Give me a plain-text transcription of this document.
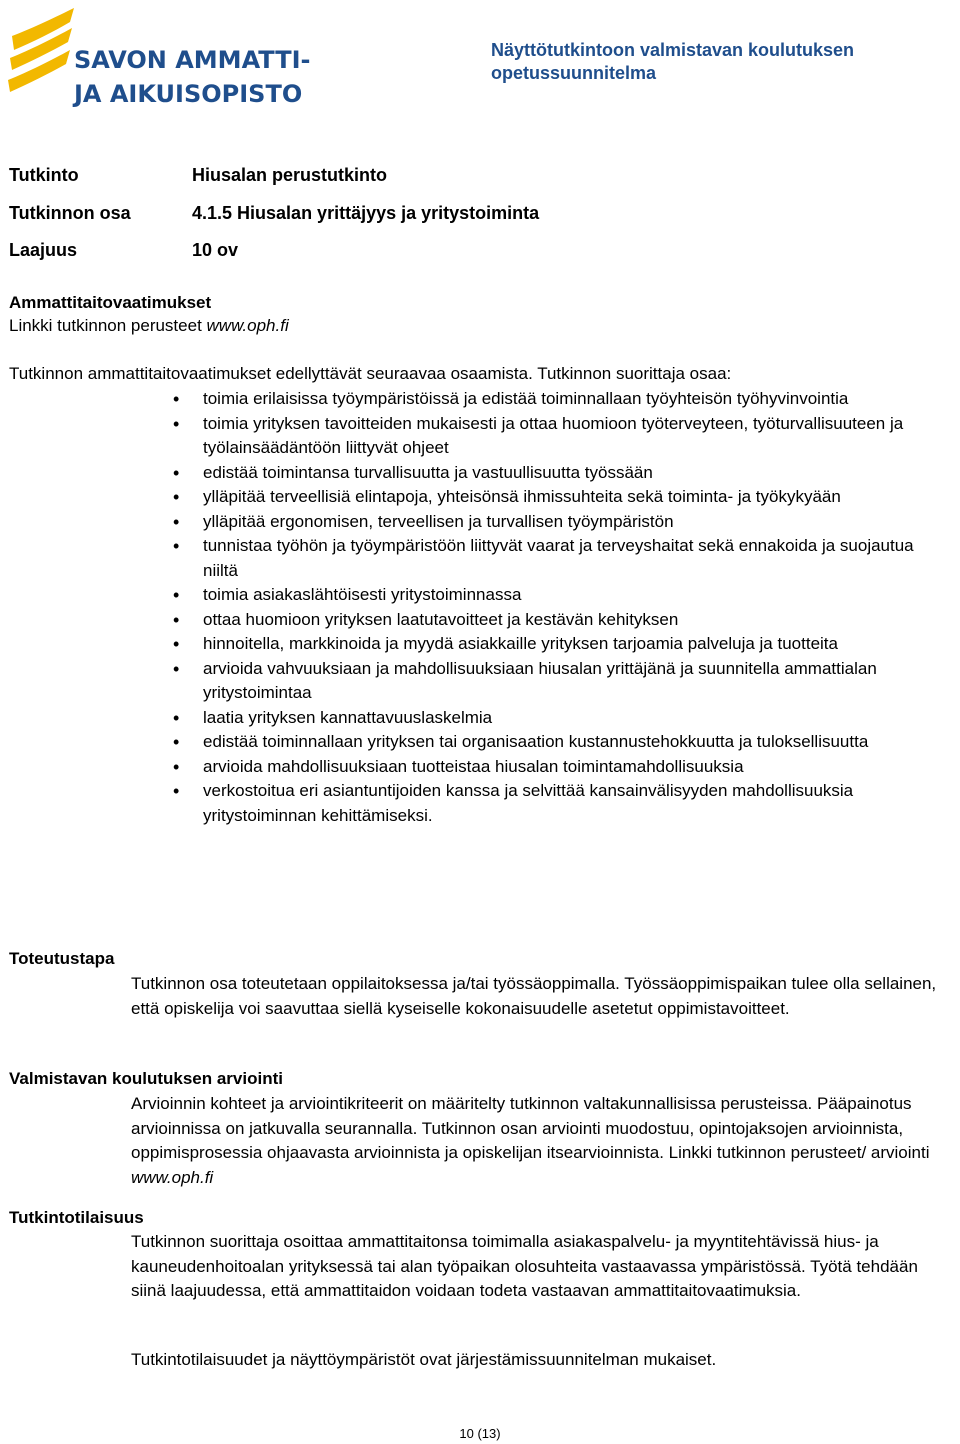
SAVON AMMATTI-
JA AIKUISOPISTO
Näyttötutkintoon valmistavan koulutuksen opetussuunnitelma
Tutkinto	Hiusalan perustutkinto
Tutkinnon osa	4.1.5 Hiusalan yrittäjyys ja yritystoiminta
Laajuus	10 ov
Ammattitaitovaatimukset
Linkki tutkinnon perusteet www.oph.fi
Tutkinnon ammattitaitovaatimukset edellyttävät seuraavaa osaamista. Tutkinnon suorittaja osaa:
• toimia erilaisissa työympäristöissä ja edistää toiminnallaan työyhteisön työhyvinvointia
• toimia yrityksen tavoitteiden mukaisesti ja ottaa huomioon työterveyteen, työturvallisuuteen ja työlainsäädäntöön liittyvät ohjeet
• edistää toimintansa turvallisuutta ja vastuullisuutta työssään
• ylläpitää terveellisiä elintapoja, yhteisönsä ihmissuhteita sekä toiminta- ja työkykyään
• ylläpitää ergonomisen, terveellisen ja turvallisen työympäristön
• tunnistaa työhön ja työympäristöön liittyvät vaarat ja terveyshaitat sekä ennakoida ja suojautua niiltä
• toimia asiakaslähtöisesti yritystoiminnassa
• ottaa huomioon yrityksen laatutavoitteet ja kestävän kehityksen
• hinnoitella, markkinoida ja myydä asiakkaille yrityksen tarjoamia palveluja ja tuotteita
• arvioida vahvuuksiaan ja mahdollisuuksiaan hiusalan yrittäjänä ja suunnitella ammattialan yritystoimintaa
• laatia yrityksen kannattavuuslaskelmia
• edistää toiminnallaan yrityksen tai organisaation kustannustehokkuutta ja tuloksellisuutta
• arvioida mahdollisuuksiaan tuotteistaa hiusalan toimintamahdollisuuksia
• verkostoitua eri asiantuntijoiden kanssa ja selvittää kansainvälisyyden mahdollisuuksia yritystoiminnan kehittämiseksi.
Toteutustapa
Tutkinnon osa toteutetaan oppilaitoksessa ja/tai työssäoppimalla. Työssäoppimispaikan tulee olla sellainen, että opiskelija voi saavuttaa siellä kyseiselle kokonaisuudelle asetetut oppimistavoitteet.
Valmistavan koulutuksen arviointi
Arvioinnin kohteet ja arviointikriteerit on määritelty tutkinnon valtakunnallisissa perusteissa. Pääpainotus arvioinnissa on jatkuvalla seurannalla. Tutkinnon osan arviointi muodostuu, opintojaksojen arvioinnista, oppimisprosessia ohjaavasta arvioinnista ja opiskelijan itsearvioinnista. Linkki tutkinnon perusteet/ arviointi www.oph.fi
Tutkintotilaisuus
Tutkinnon suorittaja osoittaa ammattitaitonsa toimimalla asiakaspalvelu- ja myyntitehtävissä hius- ja kauneudenhoitoalan yrityksessä tai alan työpaikan olosuhteita vastaavassa ympäristössä. Työtä tehdään siinä laajuudessa, että ammattitaidon voidaan todeta vastaavan ammattitaitovaatimuksia.
Tutkintotilaisuudet ja näyttöympäristöt ovat järjestämissuunnitelman mukaiset.
10 (13)
